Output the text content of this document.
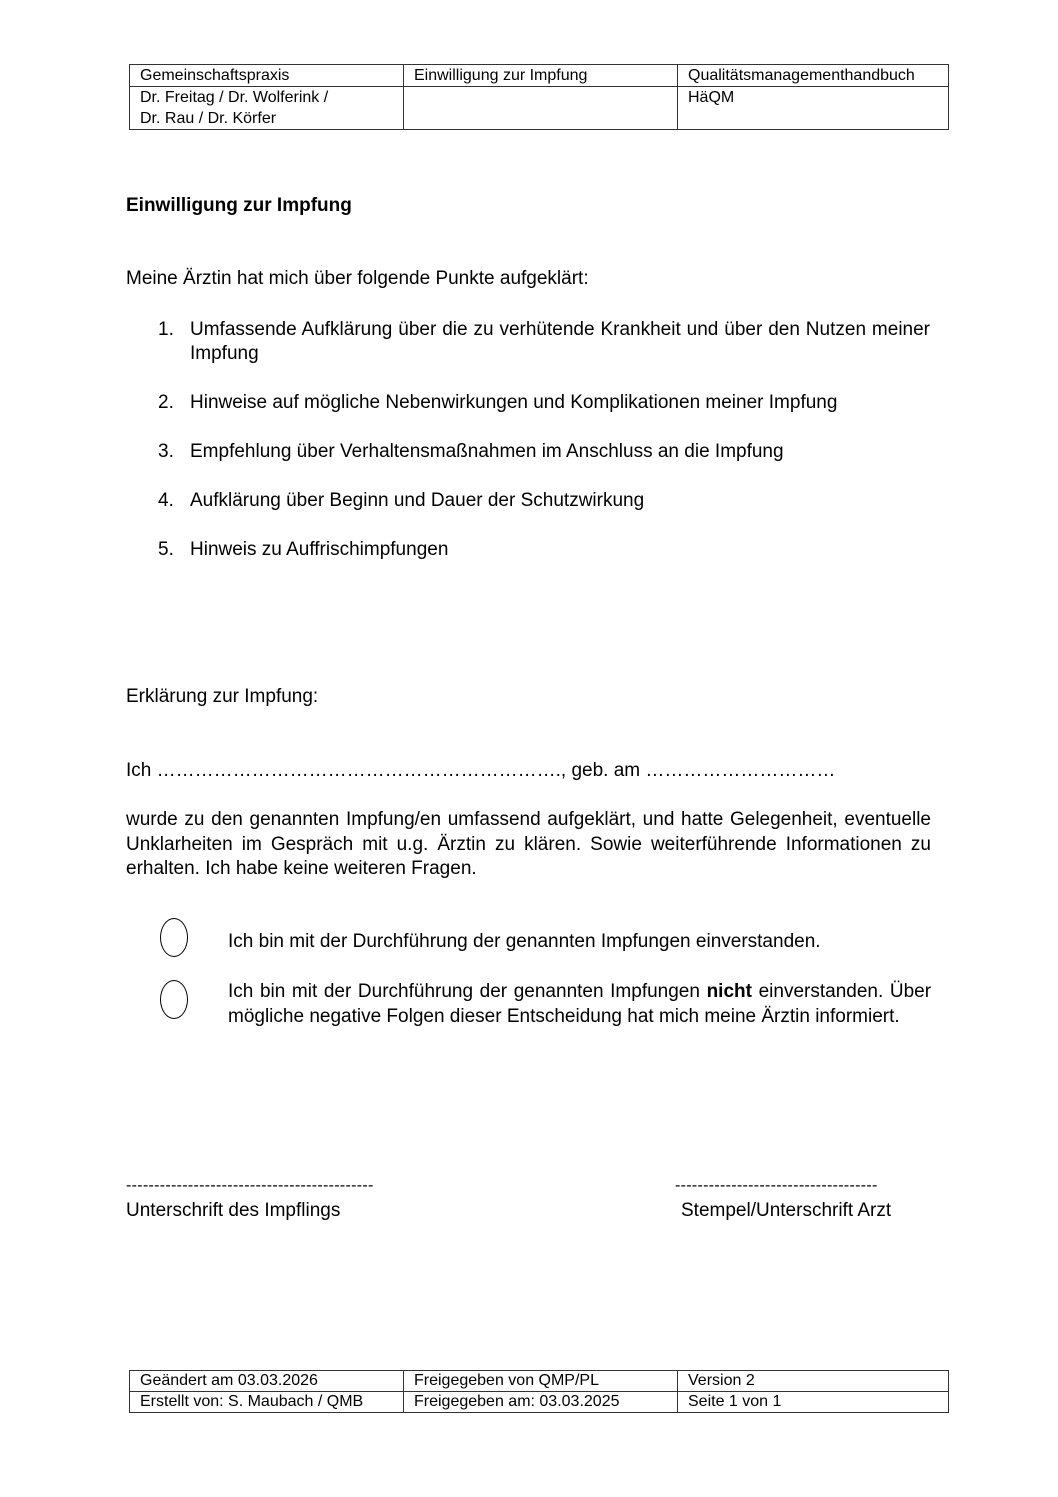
Gemeinschaftspraxis	Einwilligung zur Impfung	Qualitätsmanagementhandbuch

Dr. Freitag / Dr. Wolferink /
Dr. Rau / Dr. Körfer		HäQM
Einwilligung zur Impfung
Meine Ärztin hat mich über folgende Punkte aufgeklärt:
1. Umfassende Aufklärung über die zu verhütende Krankheit und über den Nutzen meiner Impfung
2. Hinweise auf mögliche Nebenwirkungen und Komplikationen meiner Impfung
3. Empfehlung über Verhaltensmaßnahmen im Anschluss an die Impfung
4. Aufklärung über Beginn und Dauer der Schutzwirkung
5. Hinweis zu Auffrischimpfungen
Erklärung zur Impfung:
Ich ………………………………………………………., geb. am …………………………
wurde zu den genannten Impfung/en umfassend aufgeklärt, und hatte Gelegenheit, eventuelle Unklarheiten im Gespräch mit u.g. Ärztin zu klären. Sowie weiterführende Informationen zu erhalten. Ich habe keine weiteren Fragen.
Ich bin mit der Durchführung der genannten Impfungen einverstanden.
Ich bin mit der Durchführung der genannten Impfungen nicht einverstanden. Über mögliche negative Folgen dieser Entscheidung hat mich meine Ärztin informiert.
--------------------------------------------
Unterschrift des Impflings
------------------------------------
Stempel/Unterschrift Arzt
Geändert am 03.03.2026	Freigegeben von QMP/PL	Version 2
Erstellt von: S. Maubach / QMB	Freigegeben am: 03.03.2025	Seite 1 von 1
